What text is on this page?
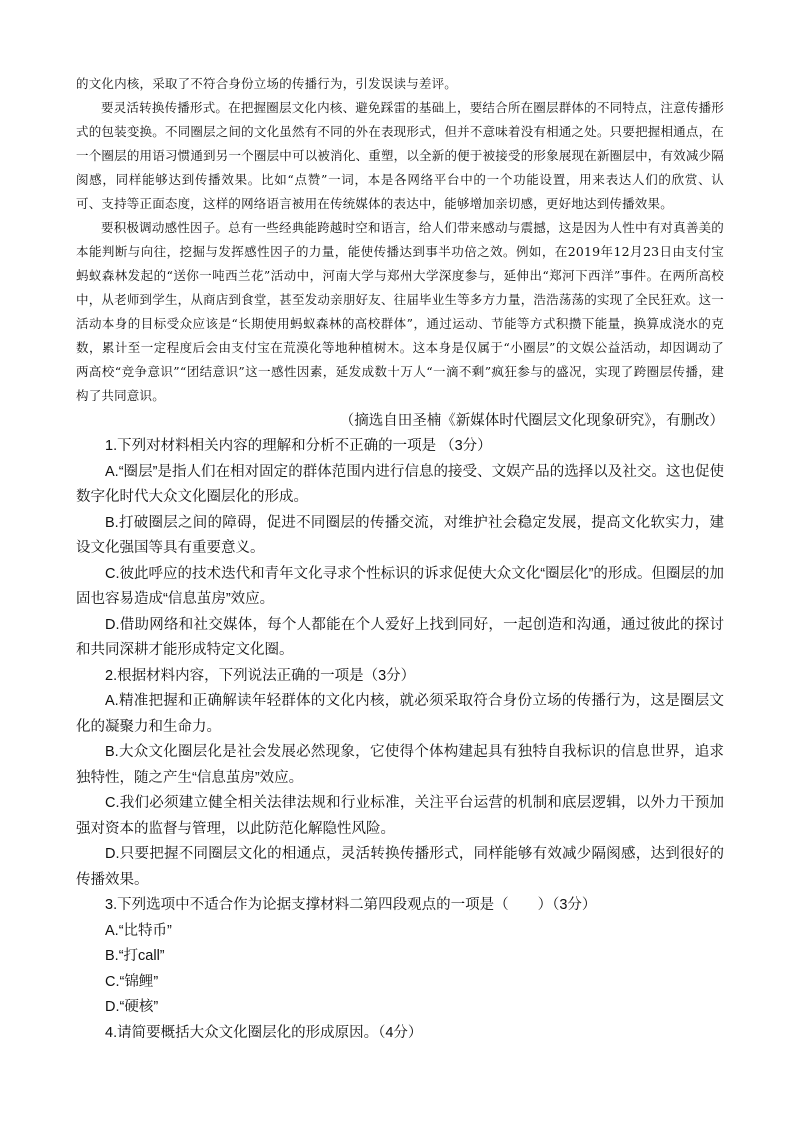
的文化内核，采取了不符合身份立场的传播行为，引发误读与差评。

要灵活转换传播形式。在把握圈层文化内核、避免踩雷的基础上，要结合所在圈层群体的不同特点，注意传播形式的包装变换。不同圈层之间的文化虽然有不同的外在表现形式，但并不意味着没有相通之处。只要把握相通点，在一个圈层的用语习惯通到另一个圈层中可以被消化、重塑，以全新的便于被接受的形象展现在新圈层中，有效减少隔阂感，同样能够达到传播效果。比如“点赞”一词，本是各网络平台中的一个功能设置，用来表达人们的欣赏、认可、支持等正面态度，这样的网络语言被用在传统媒体的表达中，能够增加亲切感，更好地达到传播效果。

要积极调动感性因子。总有一些经典能跨越时空和语言，给人们带来感动与震撼，这是因为人性中有对真善美的本能判断与向往，挖掘与发挥感性因子的力量，能使传播达到事半功倍之效。例如，在2019年12月23日由支付宝蚂蚁森林发起的“送你一吨西兰花”活动中，河南大学与郑州大学深度参与，延伸出“郑河下西洋”事件。在两所高校中，从老师到学生，从商店到食堂，甚至发动亲朋好友、往届毕业生等多方力量，浩浩荡荡的实现了全民狂欢。这一活动本身的目标受众应该是“长期使用蚂蚁森林的高校群体”，通过运动、节能等方式积攒下能量，换算成浇水的克数，累计至一定程度后会由支付宝在荒漠化等地种植树木。这本身是仅属于“小圈层”的文娱公益活动，却因调动了两高校“竞争意识”“团结意识”这一感性因素，延发成数十万人“一滴不剩”疯狂参与的盛况，实现了跨圈层传播，建构了共同意识。

（摘选自田圣楠《新媒体时代圈层文化现象研究》，有删改）

1.下列对材料相关内容的理解和分析不正确的一项是 （3分）

A.“圈层”是指人们在相对固定的群体范围内进行信息的接受、文娱产品的选择以及社交。这也促使数字化时代大众文化圈层化的形成。

B.打破圈层之间的障碍，促进不同圈层的传播交流，对维护社会稳定发展，提高文化软实力，建设文化强国等具有重要意义。

C.彼此呼应的技术迭代和青年文化寻求个性标识的诉求促使大众文化“圈层化”的形成。但圈层的加固也容易造成“信息茧房”效应。

D.借助网络和社交媒体，每个人都能在个人爱好上找到同好，一起创造和沟通，通过彼此的探讨和共同深耕才能形成特定文化圈。

2.根据材料内容，下列说法正确的一项是（3分）

A.精准把握和正确解读年轻群体的文化内核，就必须采取符合身份立场的传播行为，这是圈层文化的凝聚力和生命力。

B.大众文化圈层化是社会发展必然现象，它使得个体构建起具有独特自我标识的信息世界，追求独特性，随之产生“信息茧房”效应。

C.我们必须建立健全相关法律法规和行业标准，关注平台运营的机制和底层逻辑，以外力干预加强对资本的监督与管理，以此防范化解隐性风险。

D.只要把握不同圈层文化的相通点，灵活转换传播形式，同样能够有效减少隔阂感，达到很好的传播效果。

3.下列选项中不适合作为论据支撑材料二第四段观点的一项是（　　）（3分）

A.“比特币”

B.“打call”

C.“锦鲤”

D.“硬核”

4.请简要概括大众文化圈层化的形成原因。（4分）
